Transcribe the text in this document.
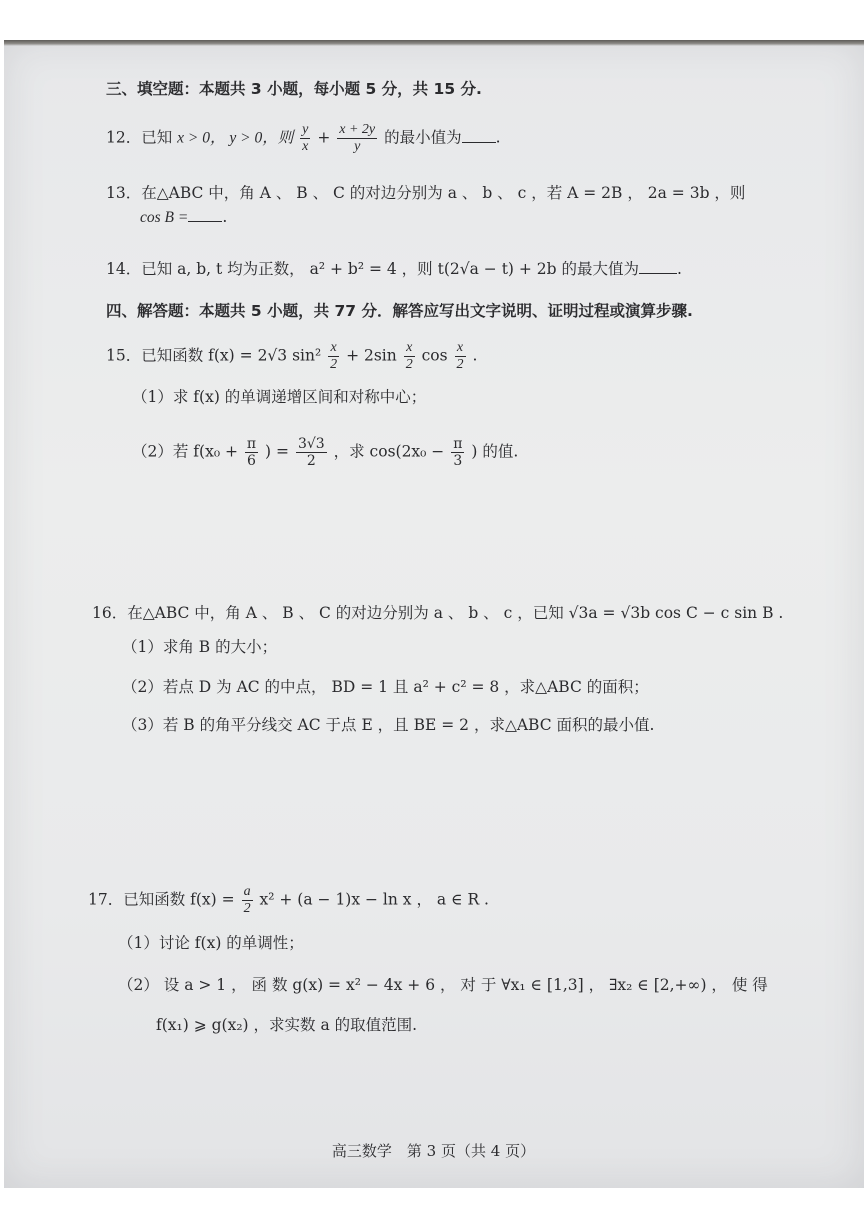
三、填空题：本题共 3 小题，每小题 5 分，共 15 分.
12．已知 x > 0， y > 0，则 $\frac{y}{x} + \frac{x + 2y}{y}$ 的最小值为 .
13．在△ABC 中，角 A 、 B 、 C 的对边分别为 a 、 b 、 c ，若 A = 2B ， 2a = 3b ，则
cos B = .
14．已知 a, b, t 均为正数， a² + b² = 4 ，则 t(2√a − t) + 2b 的最大值为 .
四、解答题：本题共 5 小题，共 77 分．解答应写出文字说明、证明过程或演算步骤.
15．已知函数 f(x) = 2√3 $\sin^2 \frac{x}{2} + 2\sin \frac{x}{2}$ $\cos \frac{x}{2}$ .
（1）求 f(x) 的单调递增区间和对称中心；
（2）若 $f(x_0 + \frac{\pi}{6}$ ) = $\frac{3√3}{2}$ ，求 $\cos(2x_0 - \frac{\pi}{3}$ ) 的值.
16．在△ABC 中，角 A 、 B 、 C 的对边分别为 a 、 b 、 c ，已知 √3a = √3b cos C − c sin B .
（1）求角 B 的大小；
（2）若点 D 为 AC 的中点， BD = 1 且 a² + c² = 8 ，求△ABC 的面积；
（3）若 B 的角平分线交 AC 于点 E ，且 BE = 2 ，求△ABC 面积的最小值.
17．已知函数 $f(x) = \frac{a}{2} x^2 + (a - 1)x - \ln x$ ， a ∈ R .
（1）讨论 f(x) 的单调性；
（2） 设 a > 1 ， 函 数 g(x) = x² − 4x + 6 ， 对 于 ∀x₁ ∈ [1,3] ， ∃x₂ ∈ [2,+∞) ， 使 得
f(x₁) ⩾ g(x₂) ，求实数 a 的取值范围.
高三数学　第 3 页（共 4 页）
